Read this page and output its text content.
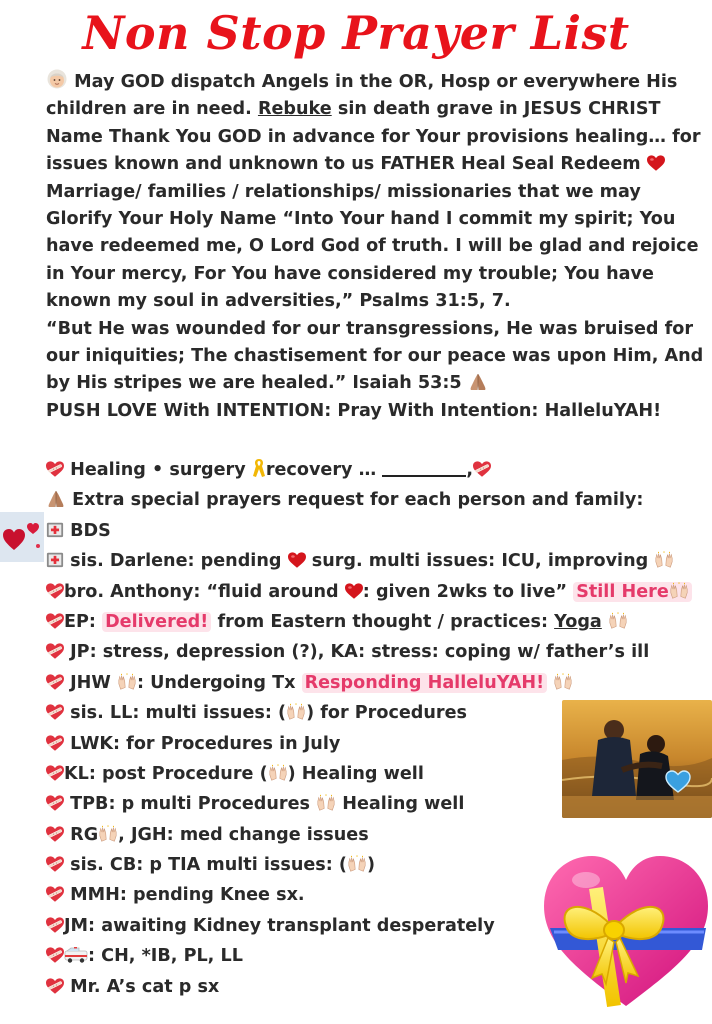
Non Stop Prayer List

May GOD dispatch Angels in the OR, Hosp or everywhere His children are in need. Rebuke sin death grave in JESUS CHRIST Name Thank You GOD in advance for Your provisions healing… for issues known and unknown to us FATHER Heal Seal Redeem  Marriage/ families / relationships/ missionaries that we may Glorify Your Holy Name “Into Your hand I commit my spirit; You have redeemed me, O Lord God of truth. I will be glad and rejoice in Your mercy, For You have considered my trouble; You have known my soul in adversities,” Psalms 31:5, 7.

“But He was wounded for our transgressions, He was bruised for our iniquities; The chastisement for our peace was upon Him, And by His stripes we are healed.” Isaiah 53:5

PUSH LOVE With INTENTION: Pray With Intention: HalleluYAH!

Healing • surgery recovery …	,
Extra special prayers request for each person and family:
BDS
sis. Darlene: pending  surg. multi issues: ICU, improving
bro. Anthony: “fluid around : given 2wks to live” Still Here
EP: Delivered! from Eastern thought / practices: Yoga
JP: stress, depression (?), KA: stress: coping w/ father’s ill
JHW : Undergoing Tx Responding HalleluYAH!
sis. LL: multi issues: ( ) for Procedures
LWK: for Procedures in July
KL: post Procedure ( ) Healing well
TPB: p multi Procedures  Healing well
RG , JGH: med change issues
sis. CB: p TIA multi issues: ( )
MMH: pending Knee sx.
JM: awaiting Kidney transplant desperately
: CH, *IB, PL, LL
Mr. A’s cat p sx
